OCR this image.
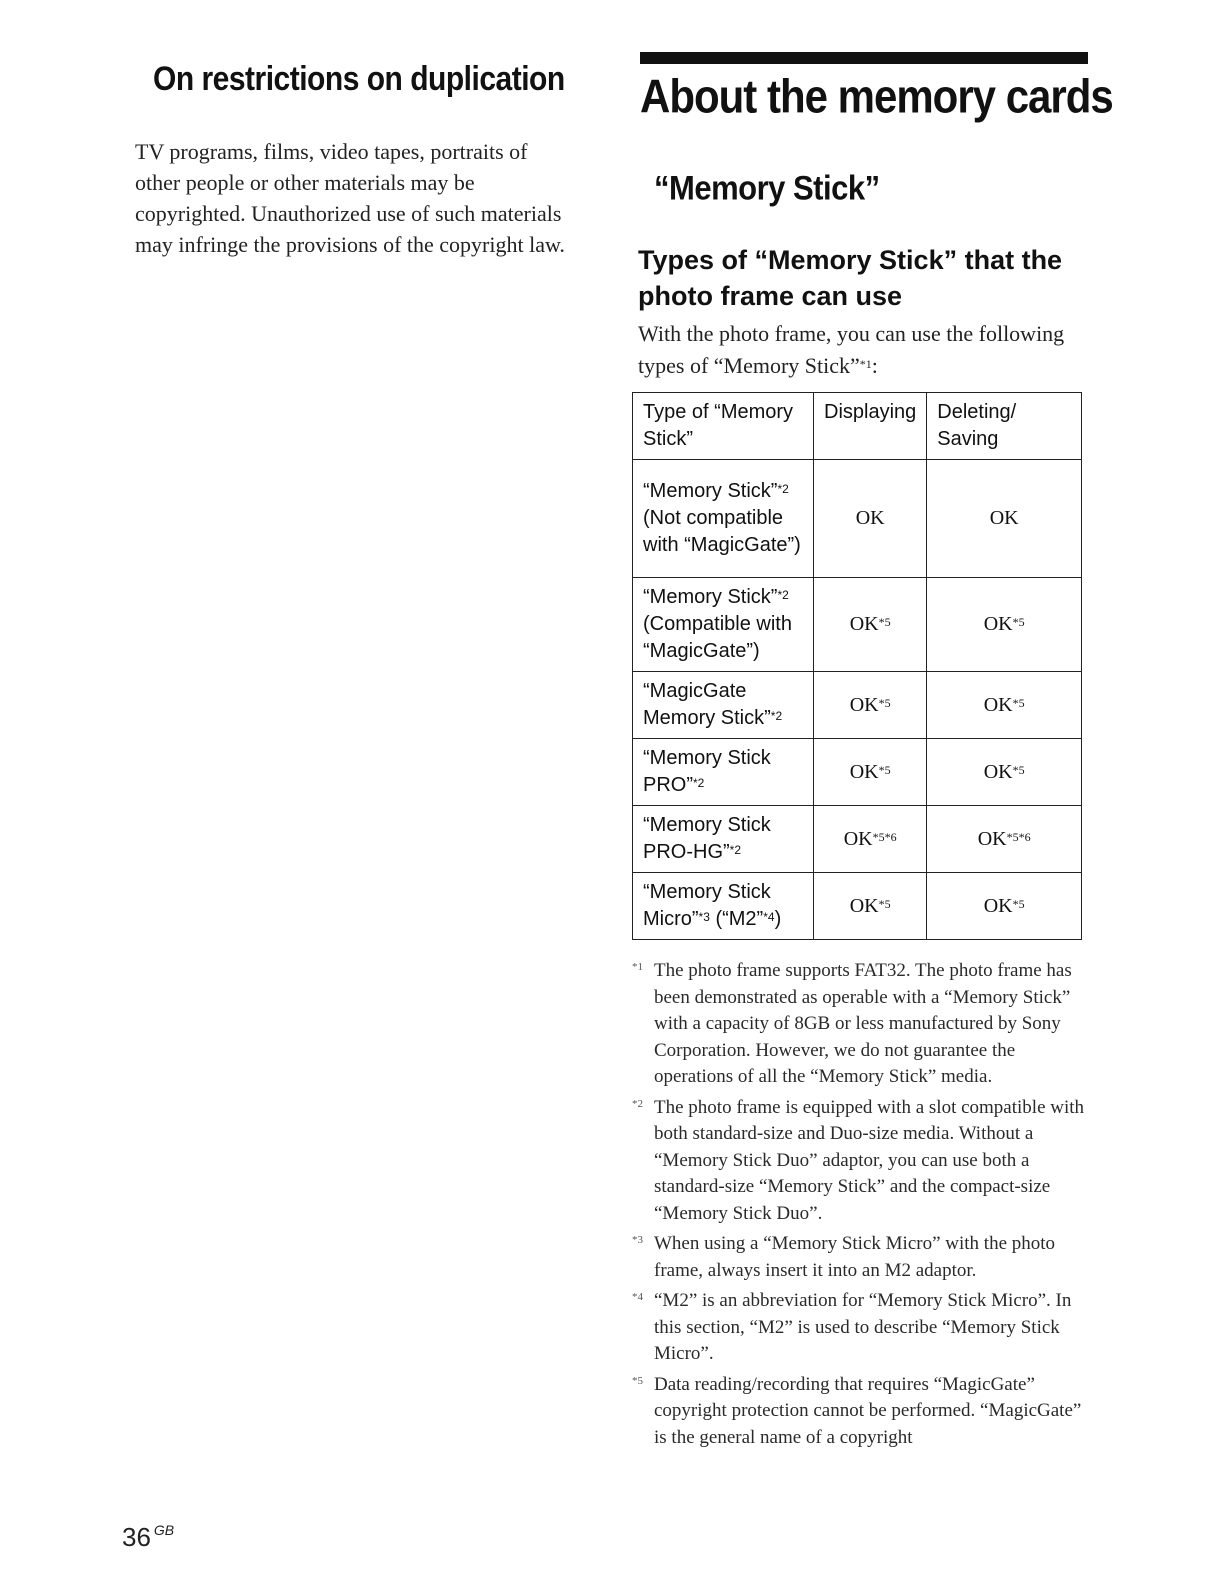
On restrictions on duplication

TV programs, films, video tapes, portraits of other people or other materials may be copyrighted. Unauthorized use of such materials may infringe the provisions of the copyright law.

About the memory cards
“Memory Stick”
Types of “Memory Stick” that the photo frame can use

With the photo frame, you can use the following types of “Memory Stick”$^{*1}$:

Type of “Memory Stick”	Displaying	Deleting/ Saving
“Memory Stick”$^{*2}$ (Not compatible with “MagicGate”)	OK	OK
“Memory Stick”$^{*2}$ (Compatible with “MagicGate”)	OK$^{*5}$	OK$^{*5}$
“MagicGate Memory Stick”$^{*2}$	OK$^{*5}$	OK$^{*5}$
“Memory Stick PRO”$^{*2}$	OK$^{*5}$	OK$^{*5}$
“Memory Stick PRO-HG”$^{*2}$	OK$^{*5*6}$	OK$^{*5*6}$
“Memory Stick Micro”$^{*3}$ (“M2”$^{*4}$)	OK$^{*5}$	OK$^{*5}$
*1 The photo frame supports FAT32. The photo frame has been demonstrated as operable with a “Memory Stick” with a capacity of 8GB or less manufactured by Sony Corporation. However, we do not guarantee the operations of all the “Memory Stick” media.
*2 The photo frame is equipped with a slot compatible with both standard-size and Duo-size media. Without a “Memory Stick Duo” adaptor, you can use both a standard-size “Memory Stick” and the compact-size “Memory Stick Duo”.
*3 When using a “Memory Stick Micro” with the photo frame, always insert it into an M2 adaptor.
*4 “M2” is an abbreviation for “Memory Stick Micro”. In this section, “M2” is used to describe “Memory Stick Micro”.
*5 Data reading/recording that requires “MagicGate” copyright protection cannot be performed. “MagicGate” is the general name of a copyright
36 $^{GB}$
